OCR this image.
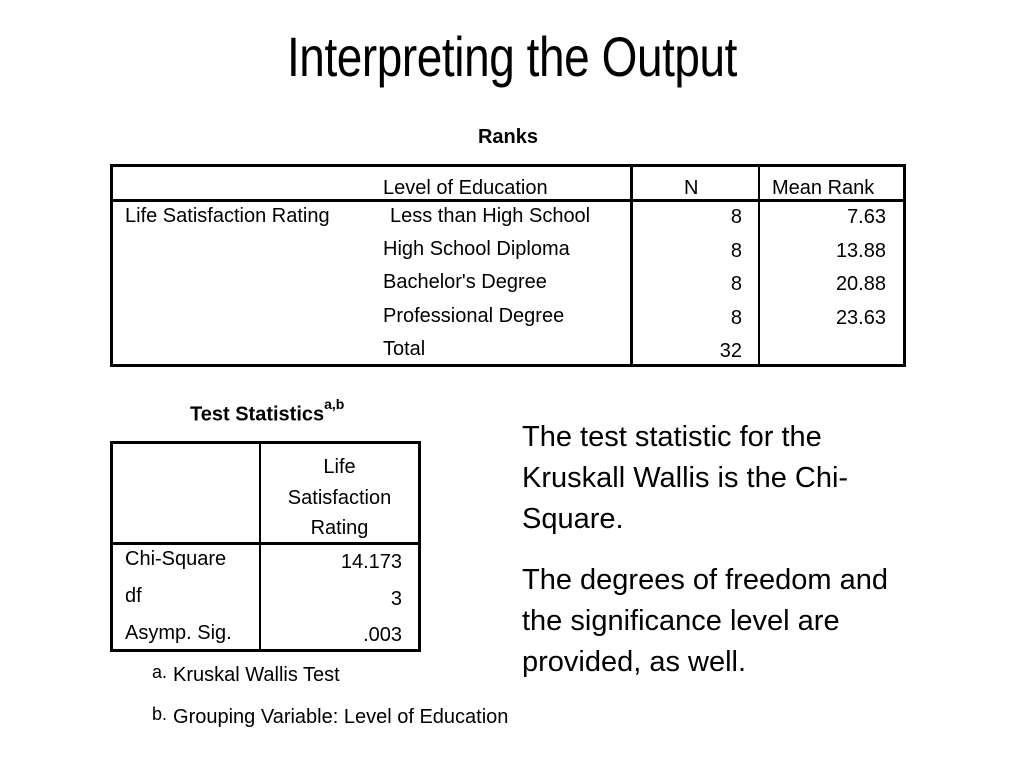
Interpreting the Output
Ranks
Level of Education	N	Mean Rank
Life Satisfaction Rating	Less than High School	8	7.63
High School Diploma	8	13.88
Bachelor's Degree	8	20.88
Professional Degree	8	23.63
Total	32
Test Statistics$^{a,b}$
Life
Satisfaction
Rating
Chi-Square	14.173
df	3
Asymp. Sig.	.003
a. Kruskal Wallis Test
b. Grouping Variable: Level of Education
The test statistic for the Kruskall Wallis is the Chi-Square.
The degrees of freedom and the significance level are provided, as well.
